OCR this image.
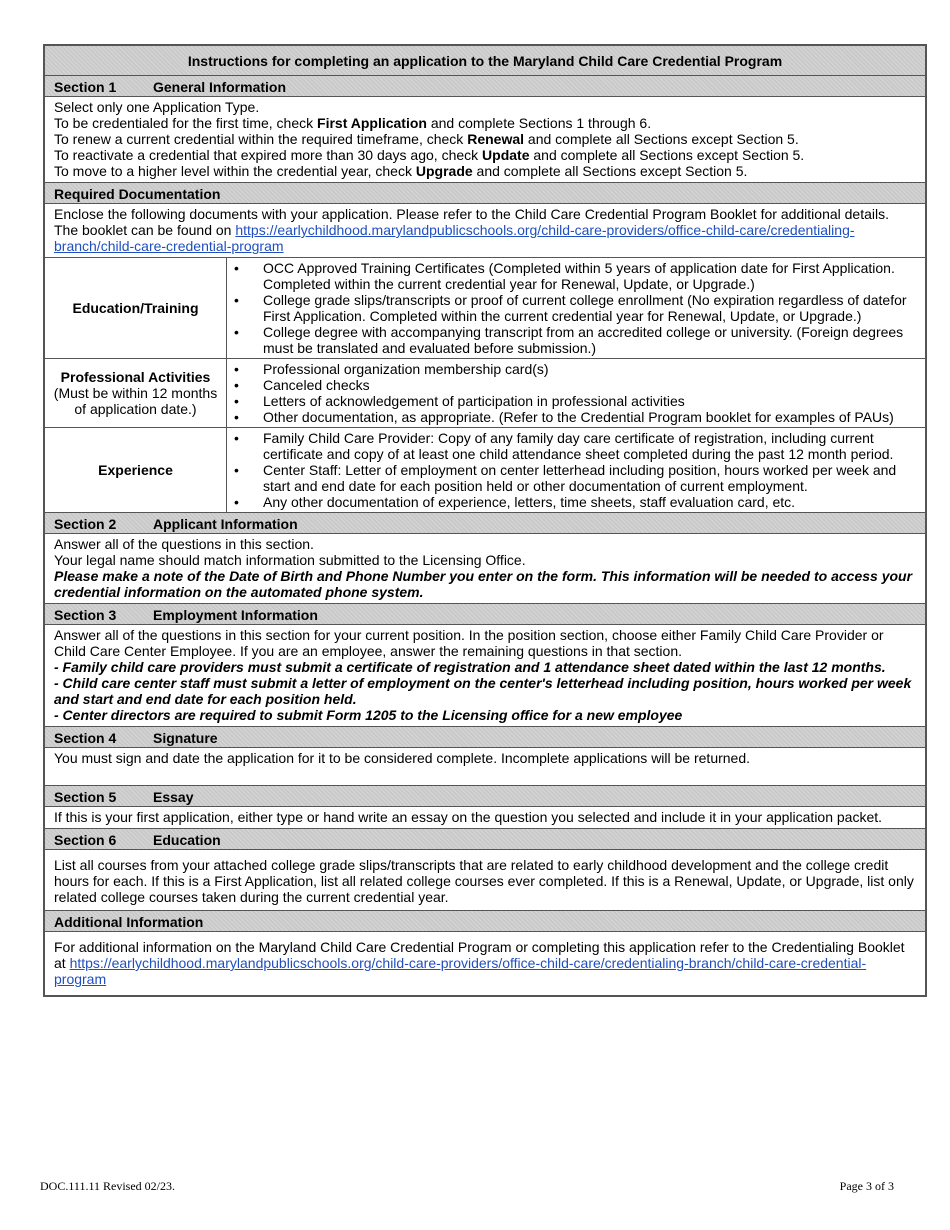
Instructions for completing an application to the Maryland Child Care Credential Program
Section 1	General Information

Select only one Application Type.

To be credentialed for the first time, check First Application and complete Sections 1 through 6.

To renew a current credential within the required timeframe, check Renewal and complete all Sections except Section 5.

To reactivate a credential that expired more than 30 days ago, check Update and complete all Sections except Section 5.

To move to a higher level within the credential year, check Upgrade and complete all Sections except Section 5.

Required Documentation

Enclose the following documents with your application. Please refer to the Child Care Credential Program Booklet for additional details.

The booklet can be found on https://earlychildhood.marylandpublicschools.org/child-care-providers/office-child-care/credentialing-branch/child-care-credential-program

Education/Training
• OCC Approved Training Certificates (Completed within 5 years of application date for First Application. Completed within the current credential year for Renewal, Update, or Upgrade.)
• College grade slips/transcripts or proof of current college enrollment (No expiration regardless of datefor First Application. Completed within the current credential year for Renewal, Update, or Upgrade.)
• College degree with accompanying transcript from an accredited college or university. (Foreign degrees must be translated and evaluated before submission.)
Professional Activities
(Must be within 12 months of application date.)
• Professional organization membership card(s)
• Canceled checks
• Letters of acknowledgement of participation in professional activities
• Other documentation, as appropriate. (Refer to the Credential Program booklet for examples of PAUs)
Experience
• Family Child Care Provider: Copy of any family day care certificate of registration, including current certificate and copy of at least one child attendance sheet completed during the past 12 month period.
• Center Staff: Letter of employment on center letterhead including position, hours worked per week and start and end date for each position held or other documentation of current employment.
• Any other documentation of experience, letters, time sheets, staff evaluation card, etc.
Section 2	Applicant Information

Answer all of the questions in this section.

Your legal name should match information submitted to the Licensing Office.

Please make a note of the Date of Birth and Phone Number you enter on the form. This information will be needed to access your credential information on the automated phone system.

Section 3	Employment Information

Answer all of the questions in this section for your current position. In the position section, choose either Family Child Care Provider or Child Care Center Employee. If you are an employee, answer the remaining questions in that section.

- Family child care providers must submit a certificate of registration and 1 attendance sheet dated within the last 12 months.

- Child care center staff must submit a letter of employment on the center's letterhead including position, hours worked per week and start and end date for each position held.

- Center directors are required to submit Form 1205 to the Licensing office for a new employee

Section 4	Signature

You must sign and date the application for it to be considered complete. Incomplete applications will be returned.

Section 5	Essay

If this is your first application, either type or hand write an essay on the question you selected and include it in your application packet.

Section 6	Education

List all courses from your attached college grade slips/transcripts that are related to early childhood development and the college credit hours for each. If this is a First Application, list all related college courses ever completed. If this is a Renewal, Update, or Upgrade, list only related college courses taken during the current credential year.

Additional Information

For additional information on the Maryland Child Care Credential Program or completing this application refer to the Credentialing Booklet

at https://earlychildhood.marylandpublicschools.org/child-care-providers/office-child-care/credentialing-branch/child-care-credential-program

DOC.111.11 Revised 02/23.	Page 3 of 3
